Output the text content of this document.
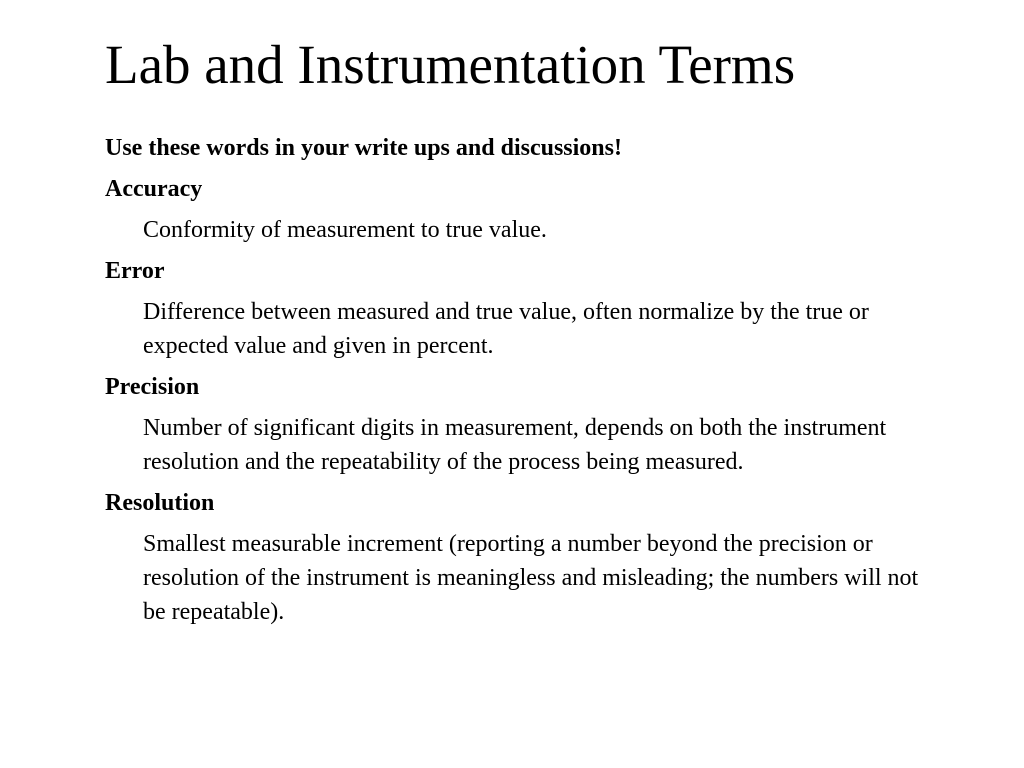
Lab and Instrumentation Terms

Use these words in your write ups and discussions!

Accuracy

Conformity of measurement to true value.

Error

Difference between measured and true value, often normalize by the true or expected value and given in percent.

Precision

Number of significant digits in measurement, depends on both the instrument resolution and the repeatability of the process being measured.

Resolution

Smallest measurable increment (reporting a number beyond the precision or resolution of the instrument is meaningless and misleading; the numbers will not be repeatable).
